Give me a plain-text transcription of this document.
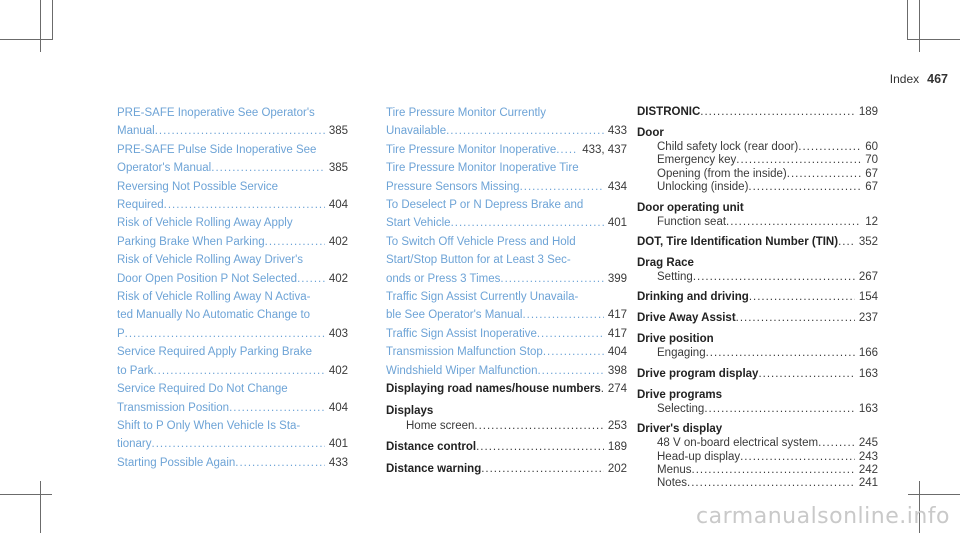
Index 467
PRE-SAFE Inoperative See Operator's
Manual .....	385
PRE-SAFE Pulse Side Inoperative See
Operator's Manual .....	385
Reversing Not Possible Service
Required .....	404
Risk of Vehicle Rolling Away Apply
Parking Brake When Parking .....	402
Risk of Vehicle Rolling Away Driver's
Door Open Position P Not Selected .....	402
Risk of Vehicle Rolling Away N Activa-
ted Manually No Automatic Change to
P .....	403
Service Required Apply Parking Brake
to Park .....	402
Service Required Do Not Change
Transmission Position .....	404
Shift to P Only When Vehicle Is Sta-
tionary .....	401
Starting Possible Again .....	433
Tire Pressure Monitor Currently
Unavailable .....	433
Tire Pressure Monitor Inoperative .....	433, 437
Tire Pressure Monitor Inoperative Tire
Pressure Sensors Missing .....	434
To Deselect P or N Depress Brake and
Start Vehicle .....	401
To Switch Off Vehicle Press and Hold
Start/Stop Button for at Least 3 Sec-
onds or Press 3 Times .....	399
Traffic Sign Assist Currently Unavaila-
ble See Operator's Manual .....	417
Traffic Sign Assist Inoperative .....	417
Transmission Malfunction Stop .....	404
Windshield Wiper Malfunction .....	398
Displaying road names/house numbers ..... 274
Displays
Home screen .....	253
Distance control .....	189
Distance warning .....	202
DISTRONIC .....	189
Door
Child safety lock (rear door) .....	60
Emergency key .....	70
Opening (from the inside) .....	67
Unlocking (inside) .....	67
Door operating unit
Function seat .....	12
DOT, Tire Identification Number (TIN) .....	352
Drag Race
Setting .....	267
Drinking and driving .....	154
Drive Away Assist .....	237
Drive position
Engaging .....	166
Drive program display .....	163
Drive programs
Selecting .....	163
Driver's display
48 V on-board electrical system .....	245
Head-up display .....	243
Menus .....	242
Notes .....	241
carmanualsonline.info
